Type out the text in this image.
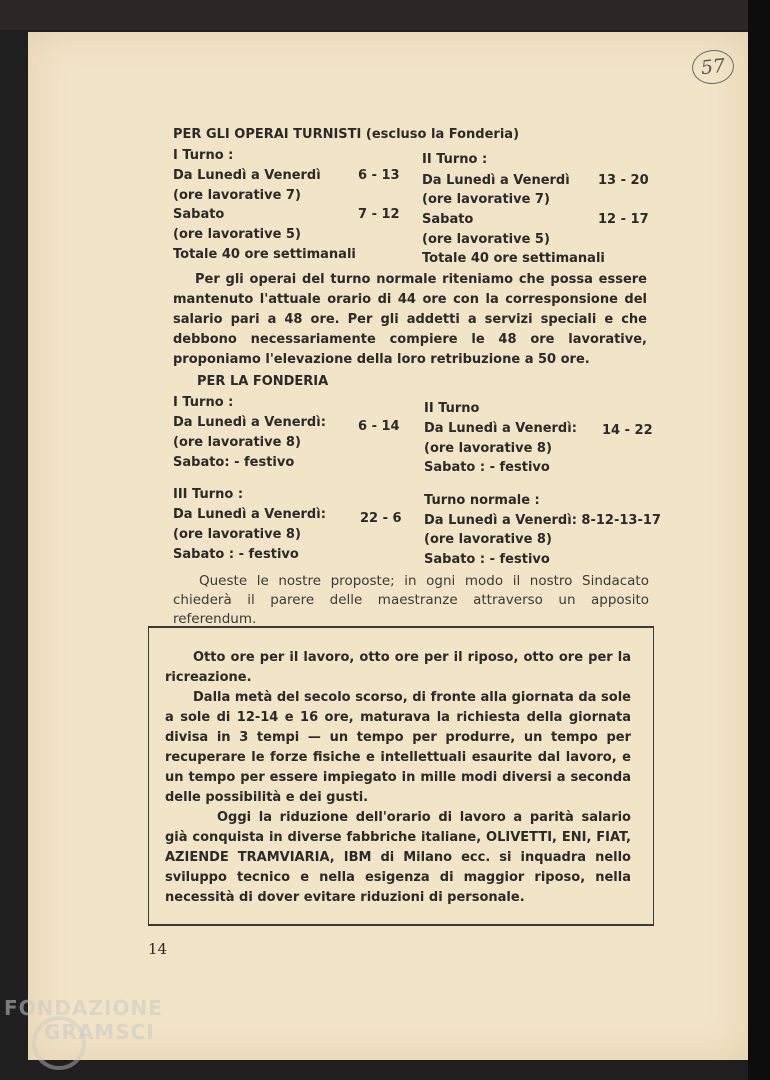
57
PER GLI OPERAI TURNISTI (escluso la Fonderia)
I Turno :
Da Lunedì a Venerdì	6 - 13
(ore lavorative 7)
Sabato	7 - 12
(ore lavorative 5)
Totale 40 ore settimanali
II Turno :
Da Lunedì a Venerdì 13 - 20
(ore lavorative 7)
Sabato	12 - 17
(ore lavorative 5)
Totale 40 ore settimanali

Per gli operai del turno normale riteniamo che possa essere mantenuto l'attuale orario di 44 ore con la corresponsione del salario pari a 48 ore. Per gli addetti a servizi speciali e che debbono necessariamente compiere le 48 ore lavorative, proponiamo l'elevazione della loro retribuzione a 50 ore.

PER LA FONDERIA
I Turno :
Da Lunedì a Venerdì: 6 - 14
(ore lavorative 8)
Sabato: - festivo
II Turno
Da Lunedì a Venerdì: 14 - 22
(ore lavorative 8)
Sabato : - festivo
III Turno :
Da Lunedì a Venerdì:	22 - 6
(ore lavorative 8)
Sabato : - festivo
Turno normale :
Da Lunedì a Venerdì: 8-12-13-17
(ore lavorative 8)
Sabato : - festivo

Queste le nostre proposte; in ogni modo il nostro Sindacato chiederà il parere delle maestranze attraverso un apposito referendum.

Otto ore per il lavoro, otto ore per il riposo, otto ore per la ricreazione.

Dalla metà del secolo scorso, di fronte alla giornata da sole a sole di 12-14 e 16 ore, maturava la richiesta della giornata divisa in 3 tempi — un tempo per produrre, un tempo per recuperare le forze fisiche e intellettuali esaurite dal lavoro, e un tempo per essere impiegato in mille modi diversi a seconda delle possibilità e dei gusti.

Oggi la riduzione dell'orario di lavoro a parità salario già conquista in diverse fabbriche italiane, OLIVETTI, ENI, FIAT, AZIENDE TRAMVIARIA, IBM di Milano ecc. si inquadra nello sviluppo tecnico e nella esigenza di maggior riposo, nella necessità di dover evitare riduzioni di personale.

14
FONDAZIONE
GRAMSCI
